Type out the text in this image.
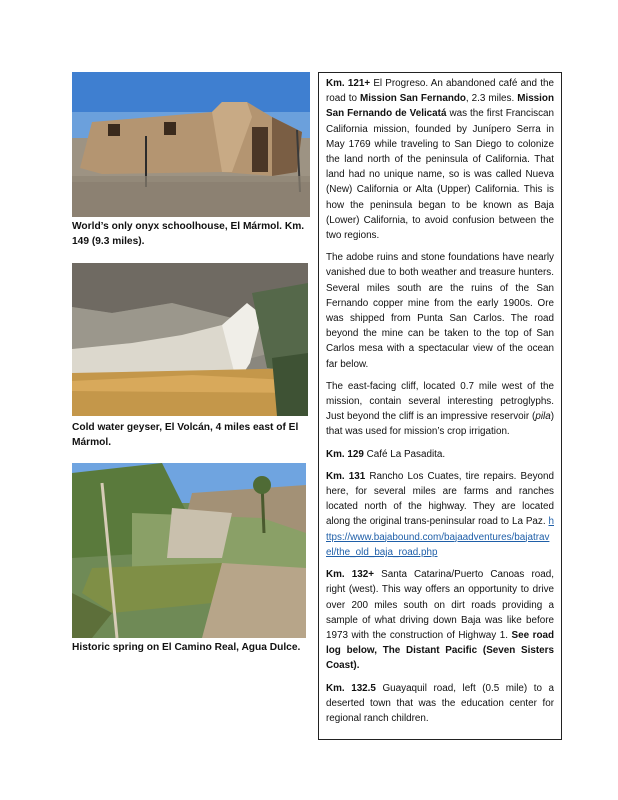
World’s only onyx schoolhouse, El Mármol. Km. 149 (9.3 miles).
Cold water geyser, El Volcán, 4 miles east of El Mármol.
Historic spring on El Camino Real, Agua Dulce.

Km. 121+ El Progreso. An abandoned café and the road to Mission San Fernando, 2.3 miles. Mission San Fernando de Velicatá was the first Franciscan California mission, founded by Junípero Serra in May 1769 while traveling to San Diego to colonize the land north of the peninsula of California. That land had no unique name, so is was called Nueva (New) California or Alta (Upper) California. This is how the peninsula began to be known as Baja (Lower) California, to avoid confusion between the two regions.

The adobe ruins and stone foundations have nearly vanished due to both weather and treasure hunters. Several miles south are the ruins of the San Fernando copper mine from the early 1900s. Ore was shipped from Punta San Carlos. The road beyond the mine can be taken to the top of San Carlos mesa with a spectacular view of the ocean far below.

The east-facing cliff, located 0.7 mile west of the mission, contain several interesting petroglyphs. Just beyond the cliff is an impressive reservoir (pila) that was used for mission’s crop irrigation.

Km. 129 Café La Pasadita.

Km. 131 Rancho Los Cuates, tire repairs. Beyond here, for several miles are farms and ranches located north of the highway. They are located along the original trans-peninsular road to La Paz. https://www.bajabound.com/bajaadventures/bajatravel/the_old_baja_road.php

Km. 132+ Santa Catarina/Puerto Canoas road, right (west). This way offers an opportunity to drive over 200 miles south on dirt roads providing a sample of what driving down Baja was like before 1973 with the construction of Highway 1. See road log below, The Distant Pacific (Seven Sisters Coast).

Km. 132.5 Guayaquil road, left (0.5 mile) to a deserted town that was the education center for regional ranch children.
